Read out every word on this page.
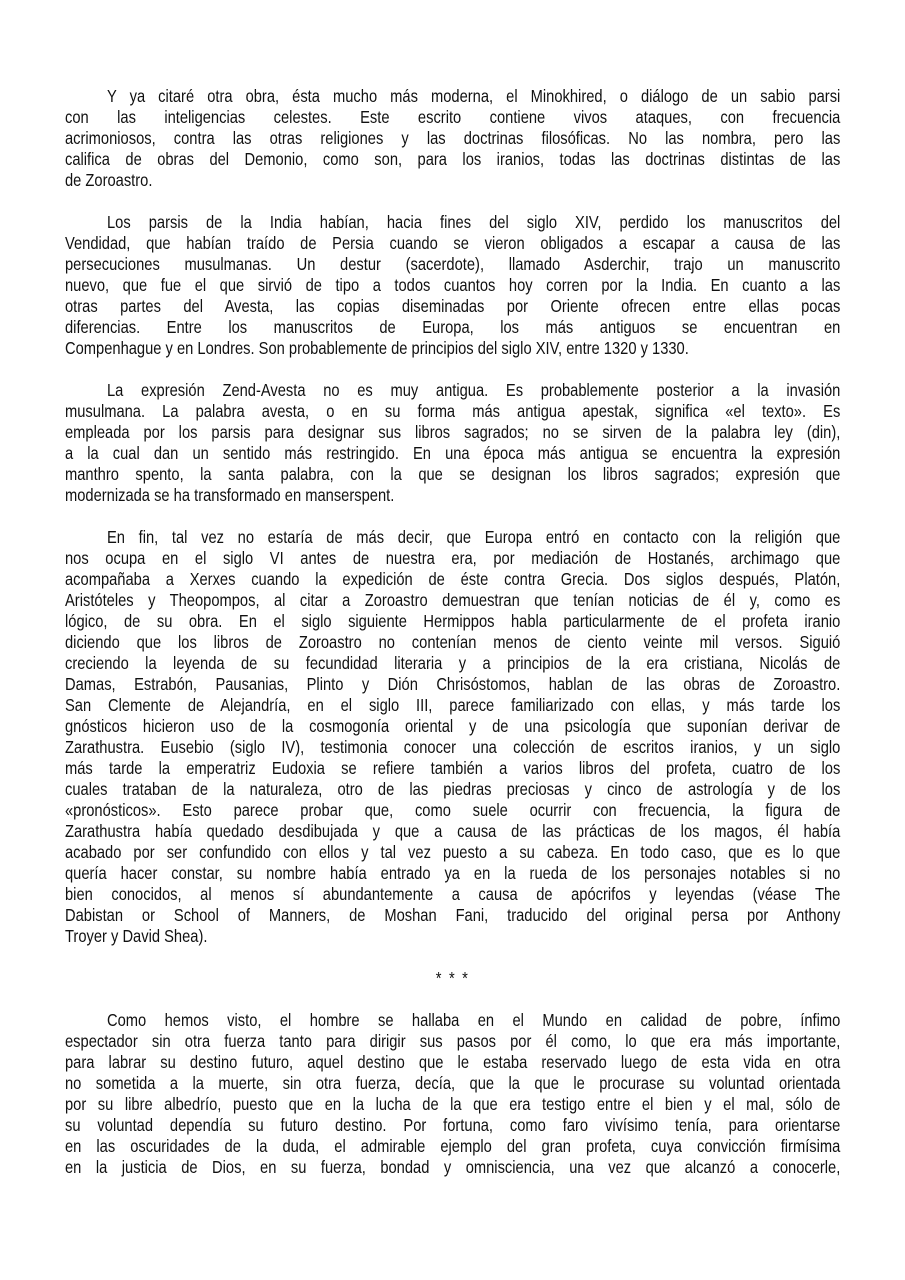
Y ya citaré otra obra, ésta mucho más moderna, el Minokhired, o diálogo de un sabio parsi
con las inteligencias celestes. Este escrito contiene vivos ataques, con frecuencia
acrimoniosos, contra las otras religiones y las doctrinas filosóficas. No las nombra, pero las
califica de obras del Demonio, como son, para los iranios, todas las doctrinas distintas de las
de Zoroastro.
Los parsis de la India habían, hacia fines del siglo XIV, perdido los manuscritos del
Vendidad, que habían traído de Persia cuando se vieron obligados a escapar a causa de las
persecuciones musulmanas. Un destur (sacerdote), llamado Asderchir, trajo un manuscrito
nuevo, que fue el que sirvió de tipo a todos cuantos hoy corren por la India. En cuanto a las
otras partes del Avesta, las copias diseminadas por Oriente ofrecen entre ellas pocas
diferencias. Entre los manuscritos de Europa, los más antiguos se encuentran en
Compenhague y en Londres. Son probablemente de principios del siglo XIV, entre 1320 y 1330.
La expresión Zend-Avesta no es muy antigua. Es probablemente posterior a la invasión
musulmana. La palabra avesta, o en su forma más antigua apestak, significa «el texto». Es
empleada por los parsis para designar sus libros sagrados; no se sirven de la palabra ley (din),
a la cual dan un sentido más restringido. En una época más antigua se encuentra la expresión
manthro spento, la santa palabra, con la que se designan los libros sagrados; expresión que
modernizada se ha transformado en manserspent.
En fin, tal vez no estaría de más decir, que Europa entró en contacto con la religión que
nos ocupa en el siglo VI antes de nuestra era, por mediación de Hostanés, archimago que
acompañaba a Xerxes cuando la expedición de éste contra Grecia. Dos siglos después, Platón,
Aristóteles y Theopompos, al citar a Zoroastro demuestran que tenían noticias de él y, como es
lógico, de su obra. En el siglo siguiente Hermippos habla particularmente de el profeta iranio
diciendo que los libros de Zoroastro no contenían menos de ciento veinte mil versos. Siguió
creciendo la leyenda de su fecundidad literaria y a principios de la era cristiana, Nicolás de
Damas, Estrabón, Pausanias, Plinto y Dión Chrisóstomos, hablan de las obras de Zoroastro.
San Clemente de Alejandría, en el siglo III, parece familiarizado con ellas, y más tarde los
gnósticos hicieron uso de la cosmogonía oriental y de una psicología que suponían derivar de
Zarathustra. Eusebio (siglo IV), testimonia conocer una colección de escritos iranios, y un siglo
más tarde la emperatriz Eudoxia se refiere también a varios libros del profeta, cuatro de los
cuales trataban de la naturaleza, otro de las piedras preciosas y cinco de astrología y de los
«pronósticos». Esto parece probar que, como suele ocurrir con frecuencia, la figura de
Zarathustra había quedado desdibujada y que a causa de las prácticas de los magos, él había
acabado por ser confundido con ellos y tal vez puesto a su cabeza. En todo caso, que es lo que
quería hacer constar, su nombre había entrado ya en la rueda de los personajes notables si no
bien conocidos, al menos sí abundantemente a causa de apócrifos y leyendas (véase The
Dabistan or School of Manners, de Moshan Fani, traducido del original persa por Anthony
Troyer y David Shea).
* * *
Como hemos visto, el hombre se hallaba en el Mundo en calidad de pobre, ínfimo
espectador sin otra fuerza tanto para dirigir sus pasos por él como, lo que era más importante,
para labrar su destino futuro, aquel destino que le estaba reservado luego de esta vida en otra
no sometida a la muerte, sin otra fuerza, decía, que la que le procurase su voluntad orientada
por su libre albedrío, puesto que en la lucha de la que era testigo entre el bien y el mal, sólo de
su voluntad dependía su futuro destino. Por fortuna, como faro vivísimo tenía, para orientarse
en las oscuridades de la duda, el admirable ejemplo del gran profeta, cuya convicción firmísima
en la justicia de Dios, en su fuerza, bondad y omnisciencia, una vez que alcanzó a conocerle,
